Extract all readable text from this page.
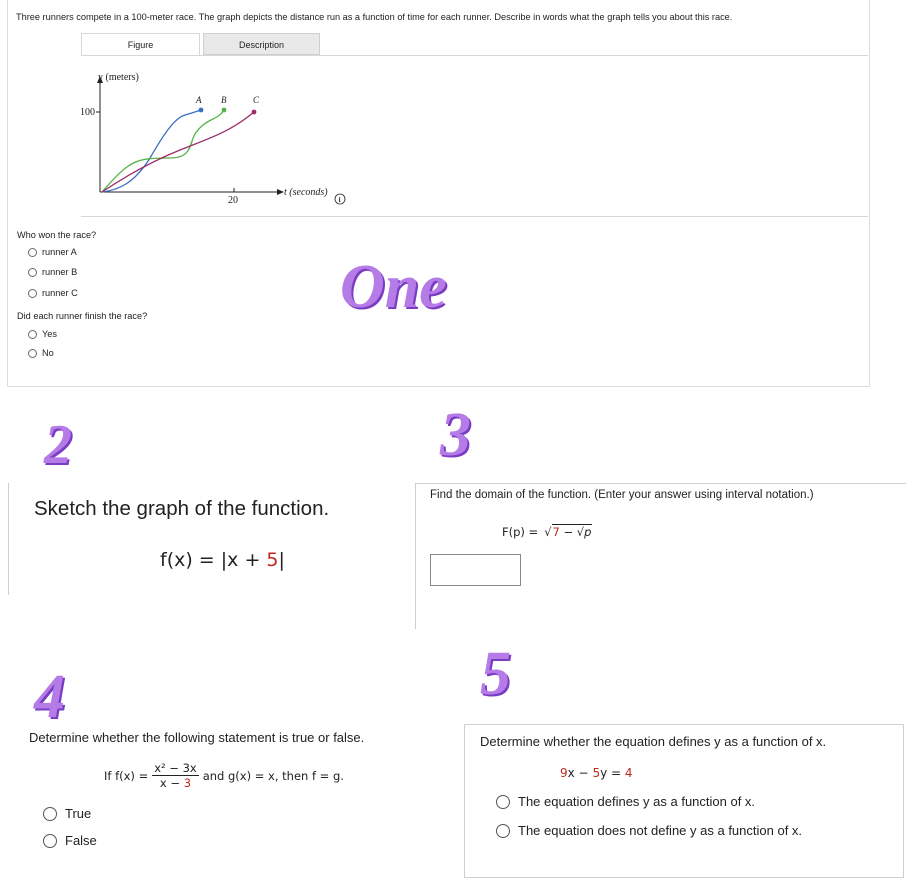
Three runners compete in a 100-meter race. The graph depicts the distance run as a function of time for each runner. Describe in words what the graph tells you about this race.
Figure	Description
y (meters)
100
20
t (seconds)
A B	C
i
Who won the race?
runner A
runner B
runner C
Did each runner finish the race?
Yes
No
One
2	3
4	5
Sketch the graph of the function.
f(x) = |x + 5|
Find the domain of the function. (Enter your answer using interval notation.)
F(p) = √ 7 − √p
Determine whether the following statement is true or false.
If $f(x) = \frac{\text{x² − 3x}}{x - 3}$ and g(x) = x, then f = g.
True
False
Determine whether the equation defines y as a function of x.
9x − 5y = 4
The equation defines y as a function of x.
The equation does not define y as a function of x.
